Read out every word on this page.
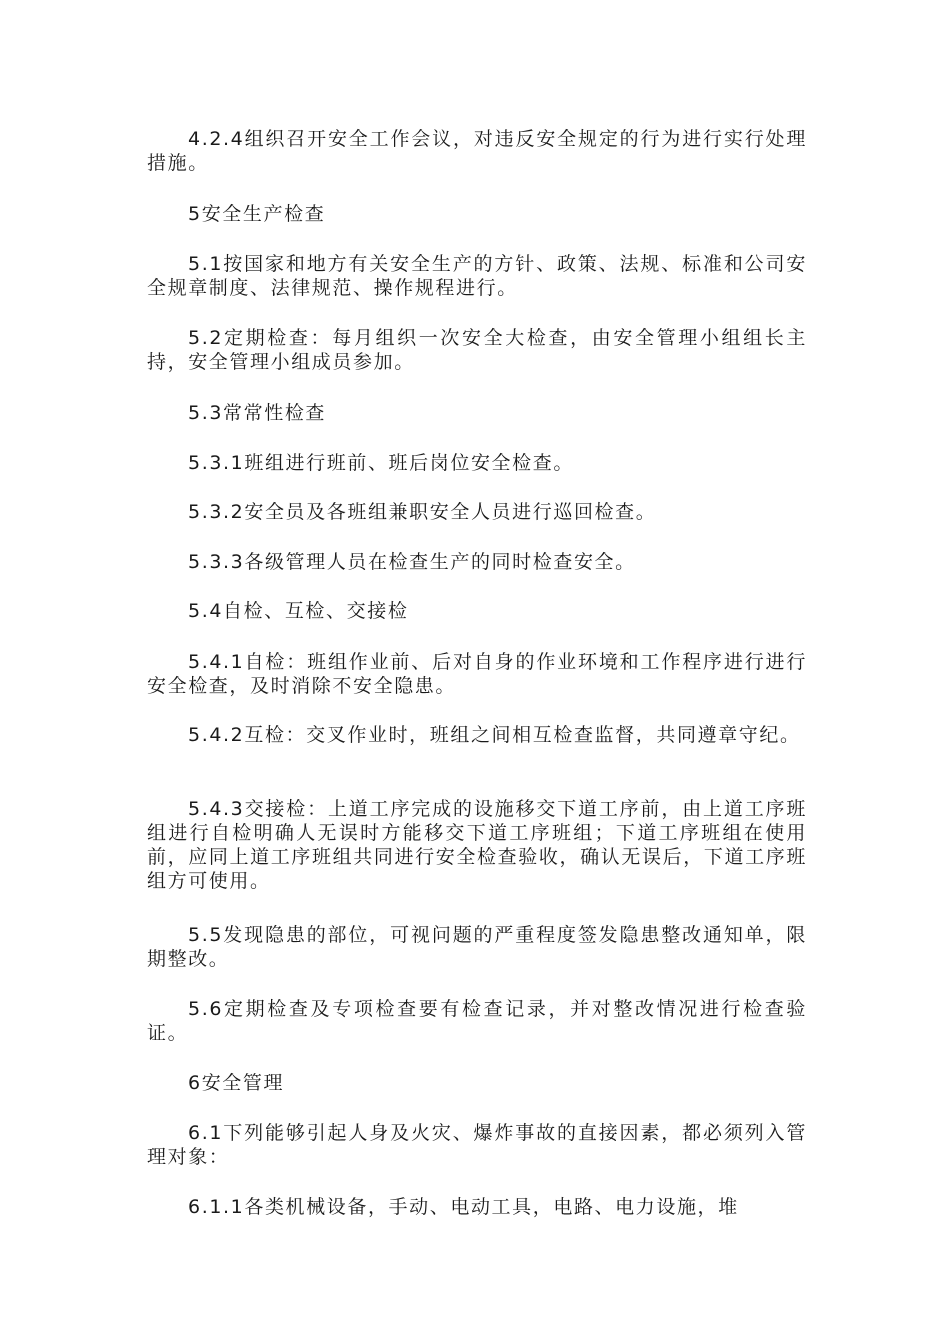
4.2.4组织召开安全工作会议，对违反安全规定的行为进行实行处理措施。

5安全生产检查

5.1按国家和地方有关安全生产的方针、政策、法规、标准和公司安全规章制度、法律规范、操作规程进行。

5.2定期检查：每月组织一次安全大检查，由安全管理小组组长主持，安全管理小组成员参加。

5.3常常性检查

5.3.1班组进行班前、班后岗位安全检查。

5.3.2安全员及各班组兼职安全人员进行巡回检查。

5.3.3各级管理人员在检查生产的同时检查安全。

5.4自检、互检、交接检

5.4.1自检：班组作业前、后对自身的作业环境和工作程序进行进行安全检查，及时消除不安全隐患。

5.4.2互检：交叉作业时，班组之间相互检查监督，共同遵章守纪。

5.4.3交接检：上道工序完成的设施移交下道工序前，由上道工序班组进行自检明确人无误时方能移交下道工序班组；下道工序班组在使用前，应同上道工序班组共同进行安全检查验收，确认无误后，下道工序班组方可使用。

5.5发现隐患的部位，可视问题的严重程度签发隐患整改通知单，限期整改。

5.6定期检查及专项检查要有检查记录，并对整改情况进行检查验证。

6安全管理

6.1下列能够引起人身及火灾、爆炸事故的直接因素，都必须列入管理对象：

6.1.1各类机械设备，手动、电动工具，电路、电力设施，堆
